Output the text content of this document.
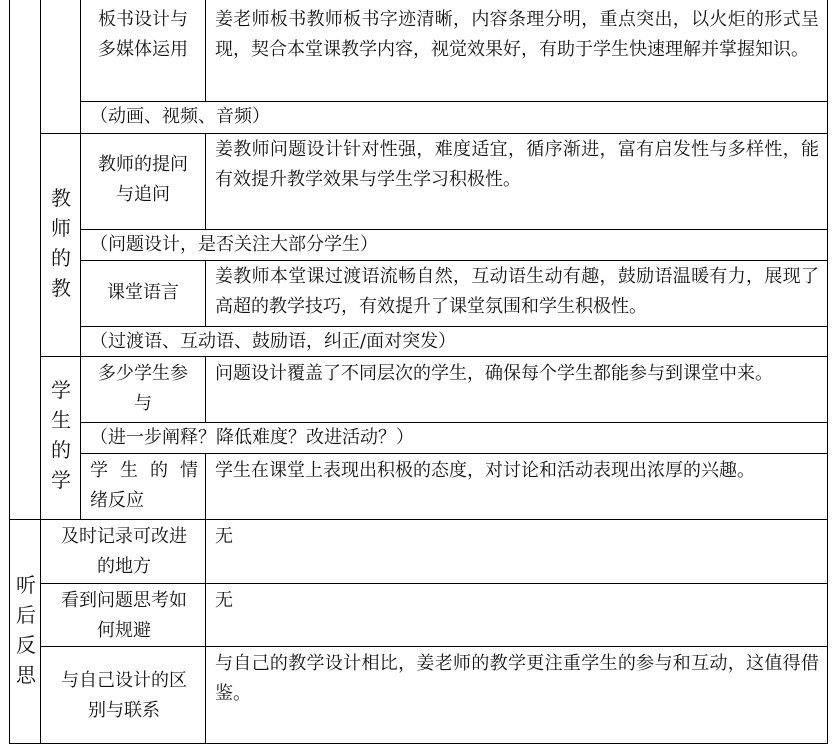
板书设计与多媒体运用
姜老师板书教师板书字迹清晰，内容条理分明，重点突出，以火炬的形式呈现，契合本堂课教学内容，视觉效果好，有助于学生快速理解并掌握知识。
（动画、视频、音频）
教师的教
教师的提问与追问
姜教师问题设计针对性强，难度适宜，循序渐进，富有启发性与多样性，能有效提升教学效果与学生学习积极性。
（问题设计，是否关注大部分学生）
课堂语言
姜教师本堂课过渡语流畅自然，互动语生动有趣，鼓励语温暖有力，展现了高超的教学技巧，有效提升了课堂氛围和学生积极性。
（过渡语、互动语、鼓励语，纠正/面对突发）
学生的学
多少学生参与
问题设计覆盖了不同层次的学生，确保每个学生都能参与到课堂中来。
（进一步阐释？降低难度？改进活动？）
学 生 的 情 绪反应
学生在课堂上表现出积极的态度，对讨论和活动表现出浓厚的兴趣。
听后反思
及时记录可改进的地方
无
看到问题思考如何规避
无
与自己设计的区别与联系
与自己的教学设计相比，姜老师的教学更注重学生的参与和互动，这值得借鉴。
